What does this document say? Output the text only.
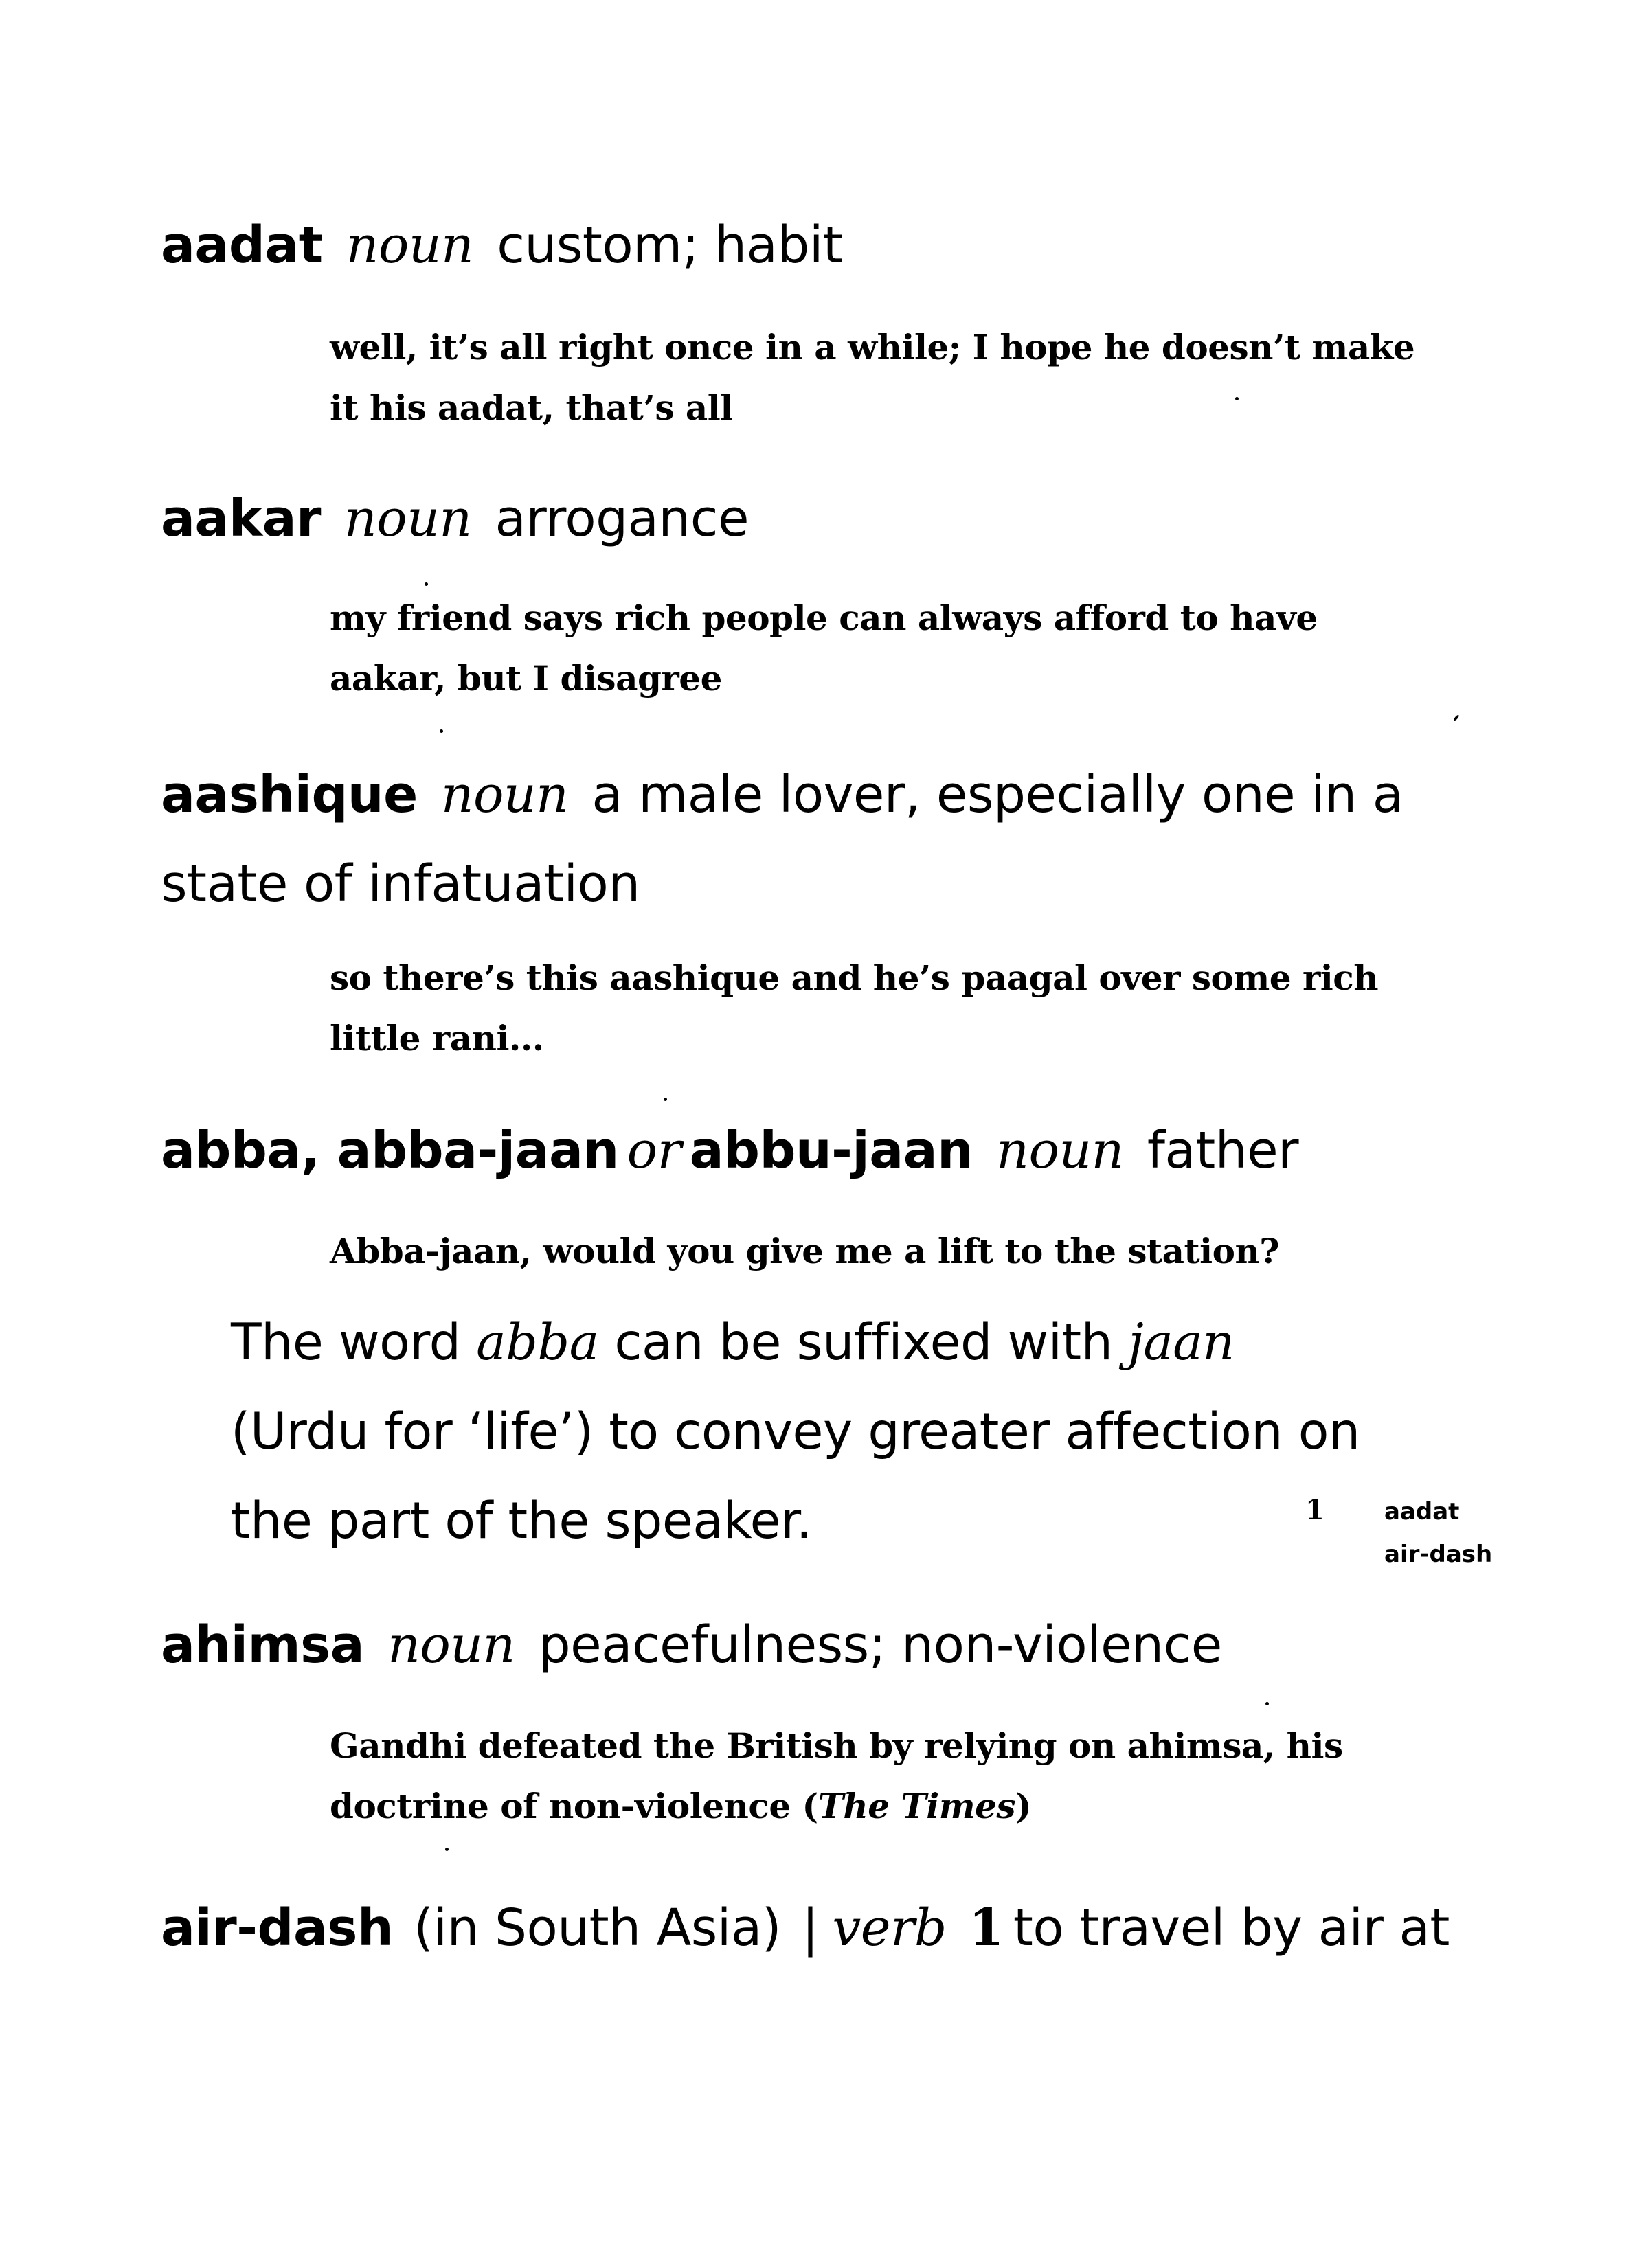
aadat noun custom; habit
well, it’s all right once in a while; I hope he doesn’t make
it his aadat, that’s all
aakar noun arrogance
my friend says rich people can always afford to have
aakar, but I disagree
aashique noun a male lover, especially one in a
state of infatuation
so there’s this aashique and he’s paagal over some rich
little rani...
abba, abba-jaan or abbu-jaan noun father
Abba-jaan, would you give me a lift to the station?
The word abba can be suffixed with jaan
(Urdu for ‘life’) to convey greater affection on
the part of the speaker.
ahimsa noun peacefulness; non-violence
Gandhi defeated the British by relying on ahimsa, his
doctrine of non-violence (The Times)
air-dash (in South Asia) | verb 1 to travel by air at
1	aadat
air-dash
